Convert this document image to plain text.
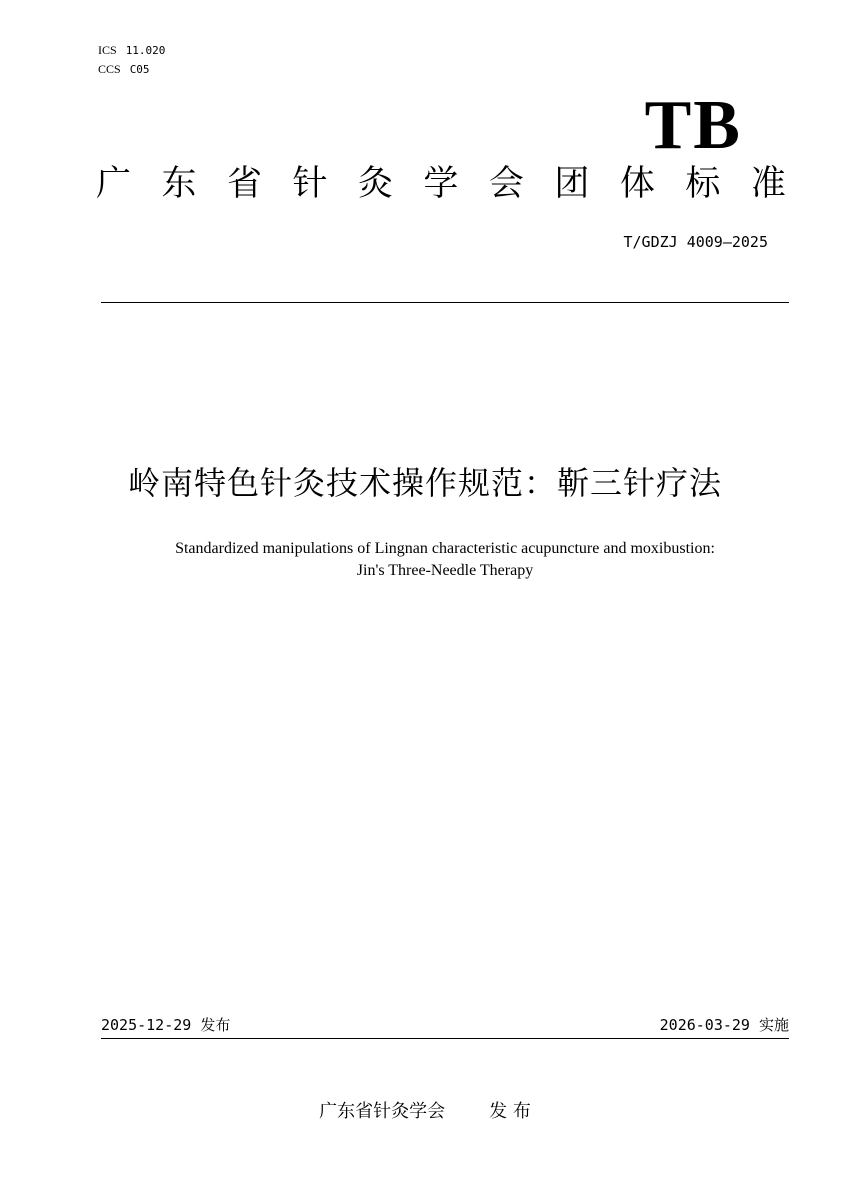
ICS 11.020
CCS C05
TB
广 东 省 针 灸 学 会 团 体 标 准
T/GDZJ 4009—2025
岭南特色针灸技术操作规范：靳三针疗法
Standardized manipulations of Lingnan characteristic acupuncture and moxibustion:
Jin's Three-Needle Therapy
2025-12-29 发布	2026-03-29 实施
广东省针灸学会 发 布
